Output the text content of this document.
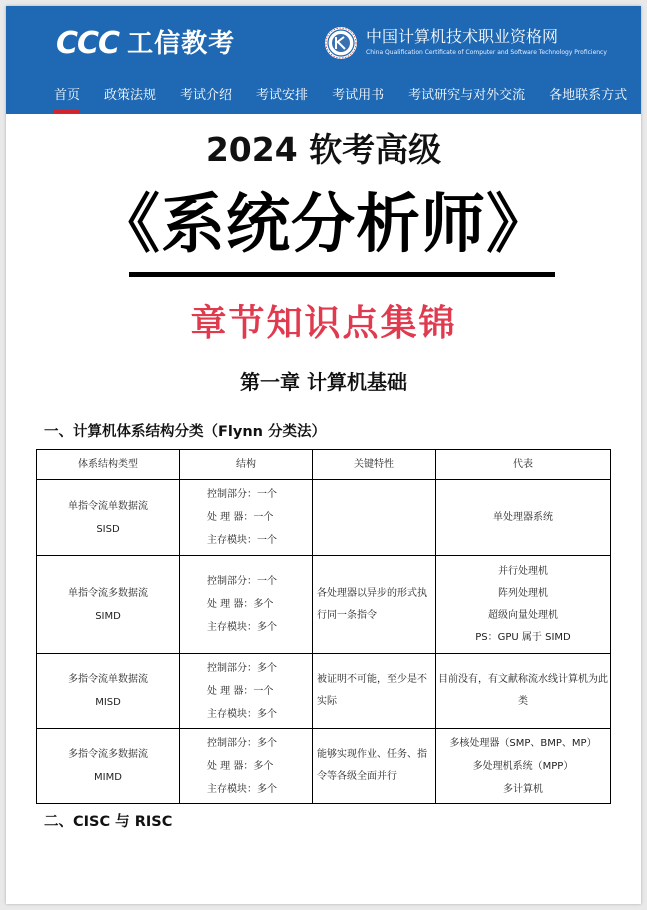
CCC 工信教考	中国计算机技术职业资格网
China Qualification Certificate of Computer and Software Technology Proficiency
首页 政策法规 考试介绍 考试安排 考试用书 考试研究与对外交流 各地联系方式
2024 软考高级
《系统分析师》
章节知识点集锦
第一章 计算机基础
一、计算机体系结构分类（Flynn 分类法）
体系结构类型	结构	关键特性	代表

单指令流单数据流
SISD	控制部分：一个
处 理 器：一个
主存模块：一个		单处理器系统

单指令流多数据流
SIMD	控制部分：一个
处 理 器：多个
主存模块：多个	各处理器以异步的形式执行同一条指令	并行处理机
阵列处理机
超级向量处理机
PS：GPU 属于 SIMD

多指令流单数据流
MISD	控制部分：多个
处 理 器：一个
主存模块：多个	被证明不可能，至少是不实际	目前没有，有文献称流水线计算机为此类

多指令流多数据流
MIMD	控制部分：多个
处 理 器：多个
主存模块：多个	能够实现作业、任务、指令等各级全面并行	多核处理器（SMP、BMP、MP）
多处理机系统（MPP）
多计算机
二、CISC 与 RISC
